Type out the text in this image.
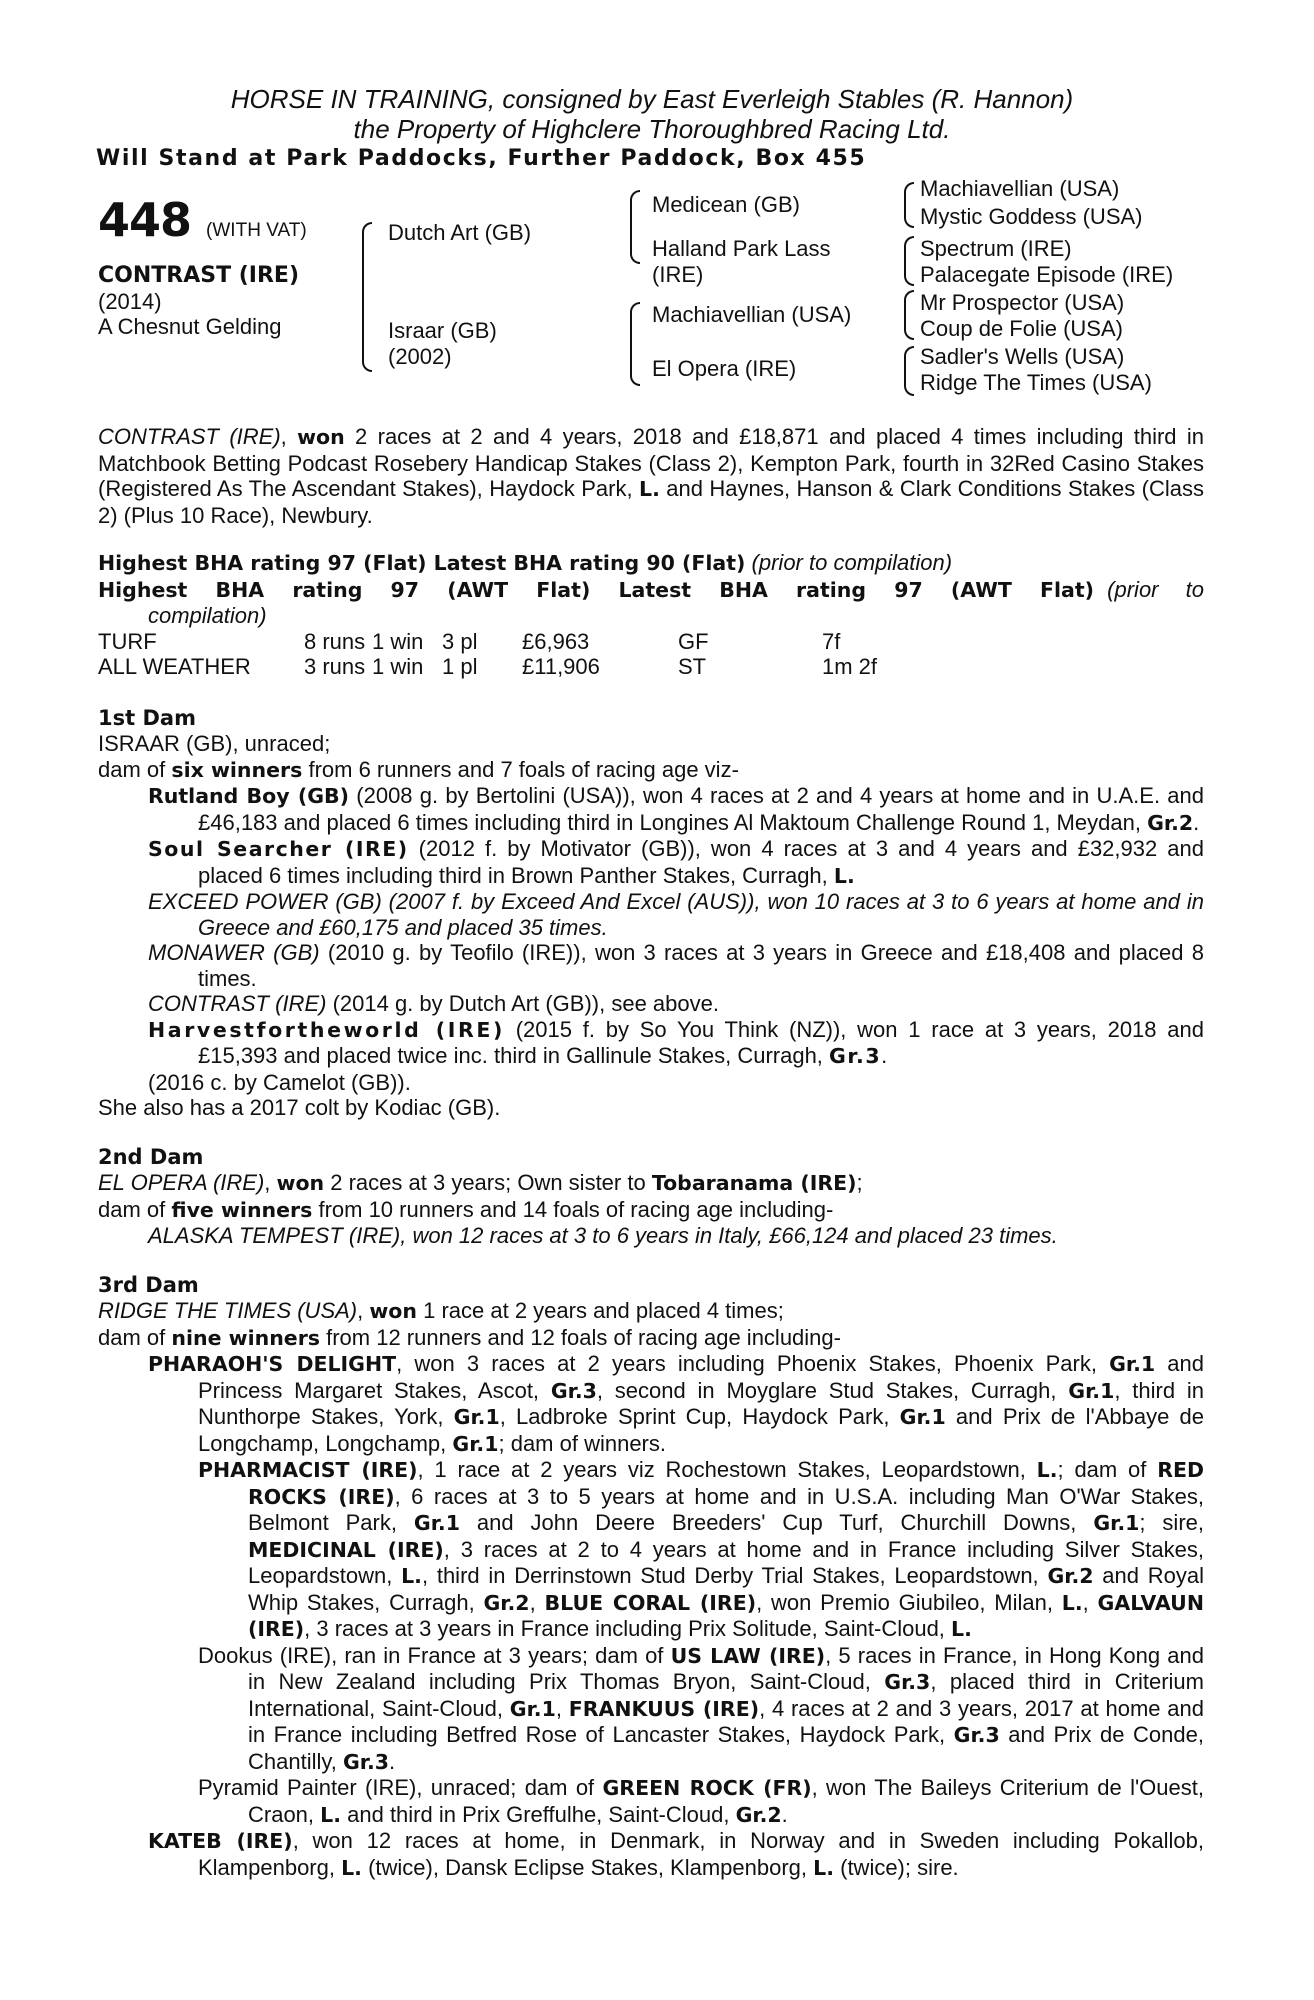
HORSE IN TRAINING, consigned by East Everleigh Stables (R. Hannon)
the Property of Highclere Thoroughbred Racing Ltd.
Will Stand at Park Paddocks, Further Paddock, Box 455
448 (WITH VAT)
CONTRAST (IRE)
(2014)
A Chesnut Gelding
Dutch Art (GB)
Israar (GB)
(2002)
Medicean (GB)
Halland Park Lass
(IRE)
Machiavellian (USA)
El Opera (IRE)
Machiavellian (USA)
Mystic Goddess (USA)
Spectrum (IRE)
Palacegate Episode (IRE)
Mr Prospector (USA)
Coup de Folie (USA)
Sadler's Wells (USA)
Ridge The Times (USA)
CONTRAST (IRE), won 2 races at 2 and 4 years, 2018 and £18,871 and placed 4 times including third in Matchbook Betting Podcast Rosebery Handicap Stakes (Class 2), Kempton Park, fourth in 32Red Casino Stakes (Registered As The Ascendant Stakes), Haydock Park, L. and Haynes, Hanson & Clark Conditions Stakes (Class 2) (Plus 10 Race), Newbury.
Highest BHA rating 97 (Flat) Latest BHA rating 90 (Flat) (prior to compilation)
Highest BHA rating 97 (AWT Flat) Latest BHA rating 97 (AWT Flat) (prior to compilation)
TURF	8 runs	1 win	3 pl	£6,963	GF	7f
ALL WEATHER	3 runs	1 win	1 pl	£11,906	ST	1m 2f
1st Dam
ISRAAR (GB), unraced;
dam of six winners from 6 runners and 7 foals of racing age viz-
Rutland Boy (GB) (2008 g. by Bertolini (USA)), won 4 races at 2 and 4 years at home and in U.A.E. and £46,183 and placed 6 times including third in Longines Al Maktoum Challenge Round 1, Meydan, Gr.2.
Soul Searcher (IRE) (2012 f. by Motivator (GB)), won 4 races at 3 and 4 years and £32,932 and placed 6 times including third in Brown Panther Stakes, Curragh, L.
EXCEED POWER (GB) (2007 f. by Exceed And Excel (AUS)), won 10 races at 3 to 6 years at home and in Greece and £60,175 and placed 35 times.
MONAWER (GB) (2010 g. by Teofilo (IRE)), won 3 races at 3 years in Greece and £18,408 and placed 8 times.
CONTRAST (IRE) (2014 g. by Dutch Art (GB)), see above.
Harvestfortheworld (IRE) (2015 f. by So You Think (NZ)), won 1 race at 3 years, 2018 and £15,393 and placed twice inc. third in Gallinule Stakes, Curragh, Gr.3.
(2016 c. by Camelot (GB)).
She also has a 2017 colt by Kodiac (GB).
2nd Dam
EL OPERA (IRE), won 2 races at 3 years; Own sister to Tobaranama (IRE);
dam of five winners from 10 runners and 14 foals of racing age including-
ALASKA TEMPEST (IRE), won 12 races at 3 to 6 years in Italy, £66,124 and placed 23 times.
3rd Dam
RIDGE THE TIMES (USA), won 1 race at 2 years and placed 4 times;
dam of nine winners from 12 runners and 12 foals of racing age including-
PHARAOH'S DELIGHT, won 3 races at 2 years including Phoenix Stakes, Phoenix Park, Gr.1 and Princess Margaret Stakes, Ascot, Gr.3, second in Moyglare Stud Stakes, Curragh, Gr.1, third in Nunthorpe Stakes, York, Gr.1, Ladbroke Sprint Cup, Haydock Park, Gr.1 and Prix de l'Abbaye de Longchamp, Longchamp, Gr.1; dam of winners.
PHARMACIST (IRE), 1 race at 2 years viz Rochestown Stakes, Leopardstown, L.; dam of RED ROCKS (IRE), 6 races at 3 to 5 years at home and in U.S.A. including Man O'War Stakes, Belmont Park, Gr.1 and John Deere Breeders' Cup Turf, Churchill Downs, Gr.1; sire, MEDICINAL (IRE), 3 races at 2 to 4 years at home and in France including Silver Stakes, Leopardstown, L., third in Derrinstown Stud Derby Trial Stakes, Leopardstown, Gr.2 and Royal Whip Stakes, Curragh, Gr.2, BLUE CORAL (IRE), won Premio Giubileo, Milan, L., GALVAUN (IRE), 3 races at 3 years in France including Prix Solitude, Saint-Cloud, L.
Dookus (IRE), ran in France at 3 years; dam of US LAW (IRE), 5 races in France, in Hong Kong and in New Zealand including Prix Thomas Bryon, Saint-Cloud, Gr.3, placed third in Criterium International, Saint-Cloud, Gr.1, FRANKUUS (IRE), 4 races at 2 and 3 years, 2017 at home and in France including Betfred Rose of Lancaster Stakes, Haydock Park, Gr.3 and Prix de Conde, Chantilly, Gr.3.
Pyramid Painter (IRE), unraced; dam of GREEN ROCK (FR), won The Baileys Criterium de l'Ouest, Craon, L. and third in Prix Greffulhe, Saint-Cloud, Gr.2.
KATEB (IRE), won 12 races at home, in Denmark, in Norway and in Sweden including Pokallob, Klampenborg, L. (twice), Dansk Eclipse Stakes, Klampenborg, L. (twice); sire.
